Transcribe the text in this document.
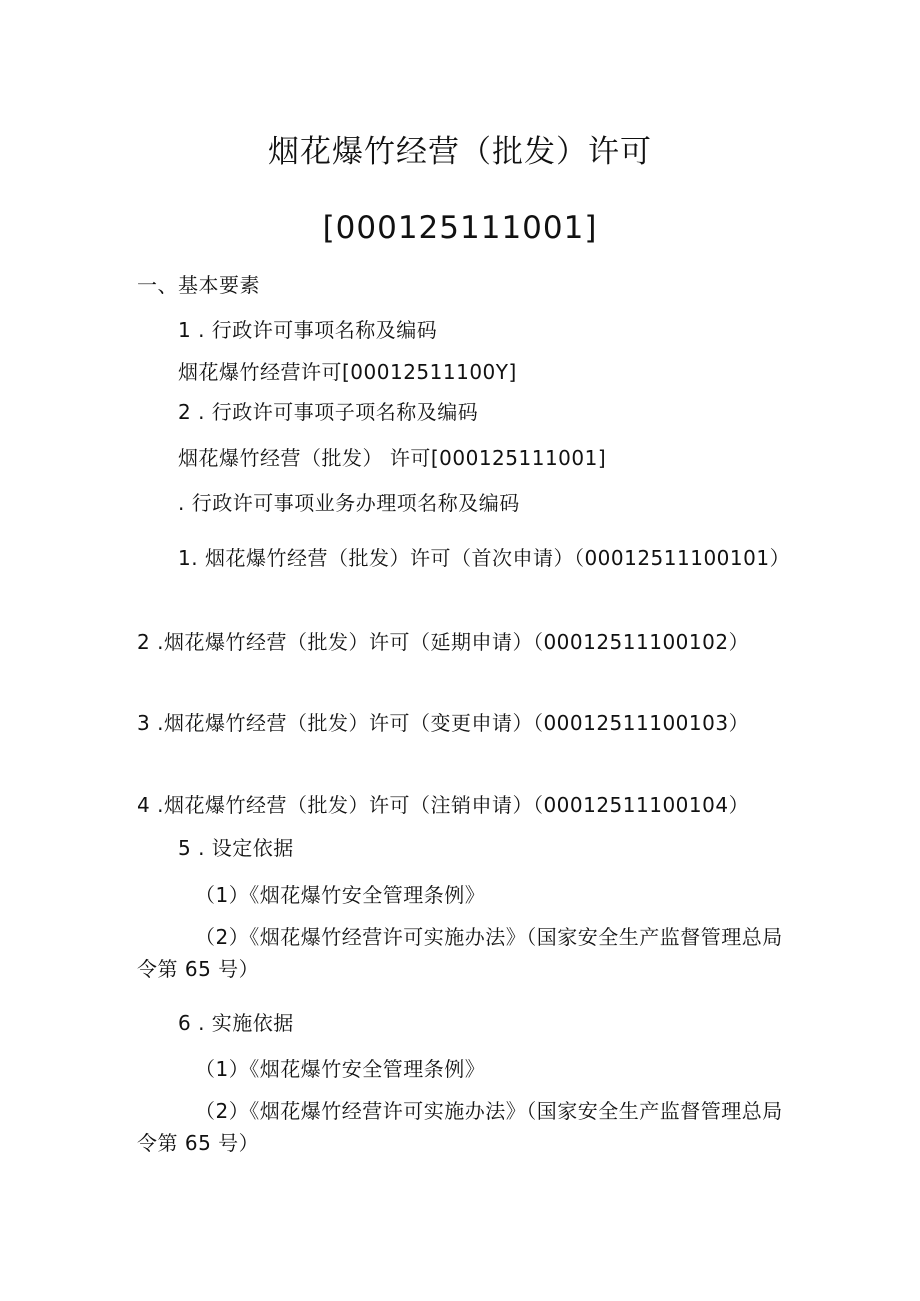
烟花爆竹经营（批发）许可
[000125111001]
一、基本要素
1 . 行政许可事项名称及编码
烟花爆竹经营许可[00012511100Y]
2 . 行政许可事项子项名称及编码
烟花爆竹经营（批发） 许可[000125111001]
. 行政许可事项业务办理项名称及编码
1. 烟花爆竹经营（批发）许可（首次申请）（00012511100101）
2 .烟花爆竹经营（批发）许可（延期申请）（00012511100102）
3 .烟花爆竹经营（批发）许可（变更申请）（00012511100103）
4 .烟花爆竹经营（批发）许可（注销申请）（00012511100104）
5 . 设定依据
（1）《烟花爆竹安全管理条例》
（2）《烟花爆竹经营许可实施办法》（国家安全生产监督管理总局令第 65 号）
6 . 实施依据
（1）《烟花爆竹安全管理条例》
（2）《烟花爆竹经营许可实施办法》（国家安全生产监督管理总局令第 65 号）
